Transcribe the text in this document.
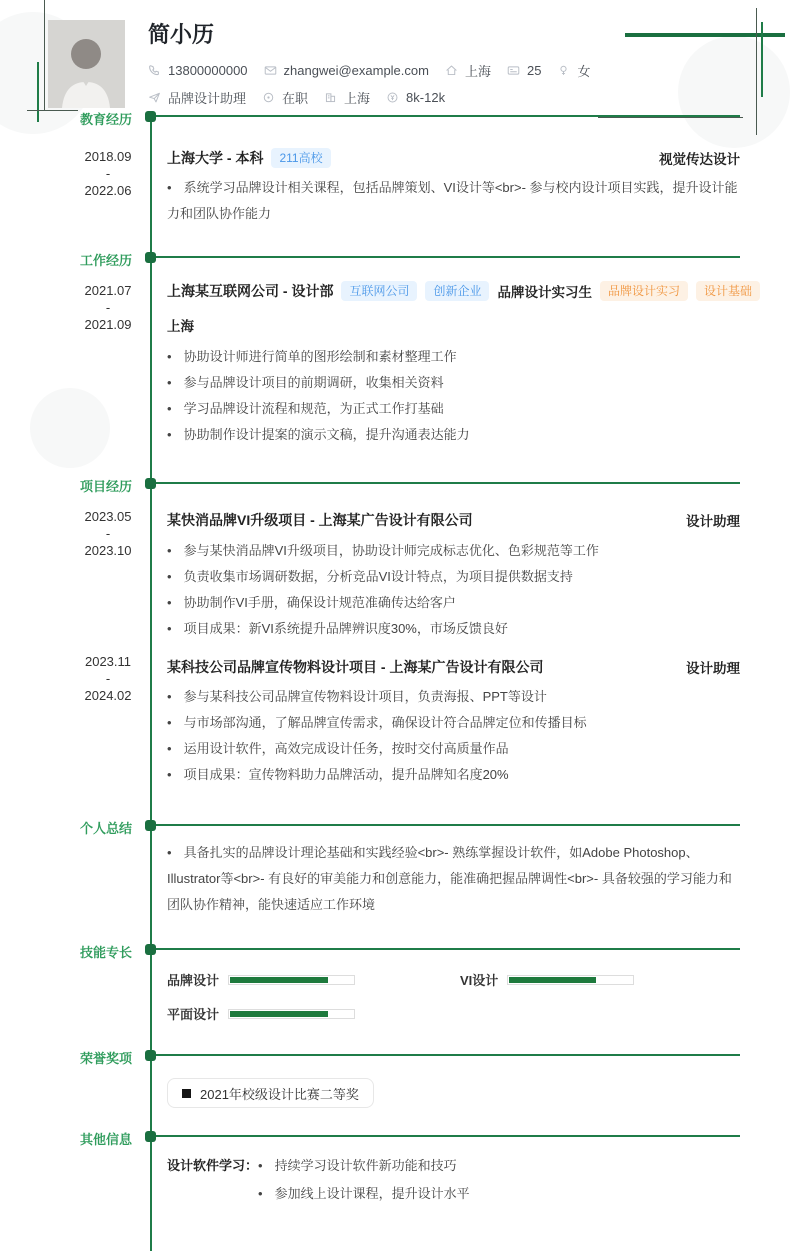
简小历
13800000000	zhangwei@example.com	上海	25	女
品牌设计助理	在职	上海	8k-12k
教育经历
2018.09
-
2022.06
上海大学 - 本科	211高校	视觉传达设计
• 系统学习品牌设计相关课程，包括品牌策划、VI设计等<br>- 参与校内设计项目实践，提升设计能力和团队协作能力
工作经历
2021.07
-
2021.09
上海某互联网公司 - 设计部	互联网公司	创新企业	品牌设计实习生	品牌设计实习	设计基础
上海
• 协助设计师进行简单的图形绘制和素材整理工作
• 参与品牌设计项目的前期调研，收集相关资料
• 学习品牌设计流程和规范，为正式工作打基础
• 协助制作设计提案的演示文稿，提升沟通表达能力
项目经历
2023.05
-
2023.10
某快消品牌VI升级项目 - 上海某广告设计有限公司	设计助理
• 参与某快消品牌VI升级项目，协助设计师完成标志优化、色彩规范等工作
• 负责收集市场调研数据，分析竞品VI设计特点，为项目提供数据支持
• 协助制作VI手册，确保设计规范准确传达给客户
• 项目成果：新VI系统提升品牌辨识度30%，市场反馈良好
2023.11
-
2024.02
某科技公司品牌宣传物料设计项目 - 上海某广告设计有限公司	设计助理
• 参与某科技公司品牌宣传物料设计项目，负责海报、PPT等设计
• 与市场部沟通，了解品牌宣传需求，确保设计符合品牌定位和传播目标
• 运用设计软件，高效完成设计任务，按时交付高质量作品
• 项目成果：宣传物料助力品牌活动，提升品牌知名度20%
个人总结
• 具备扎实的品牌设计理论基础和实践经验<br>- 熟练掌握设计软件，如Adobe Photoshop、Illustrator等<br>- 有良好的审美能力和创意能力，能准确把握品牌调性<br>- 具备较强的学习能力和团队协作精神，能快速适应工作环境
技能专长
品牌设计	VI设计
平面设计
荣誉奖项
2021年校级设计比赛二等奖
其他信息
设计软件学习：	• 持续学习设计软件新功能和技巧
• 参加线上设计课程，提升设计水平
